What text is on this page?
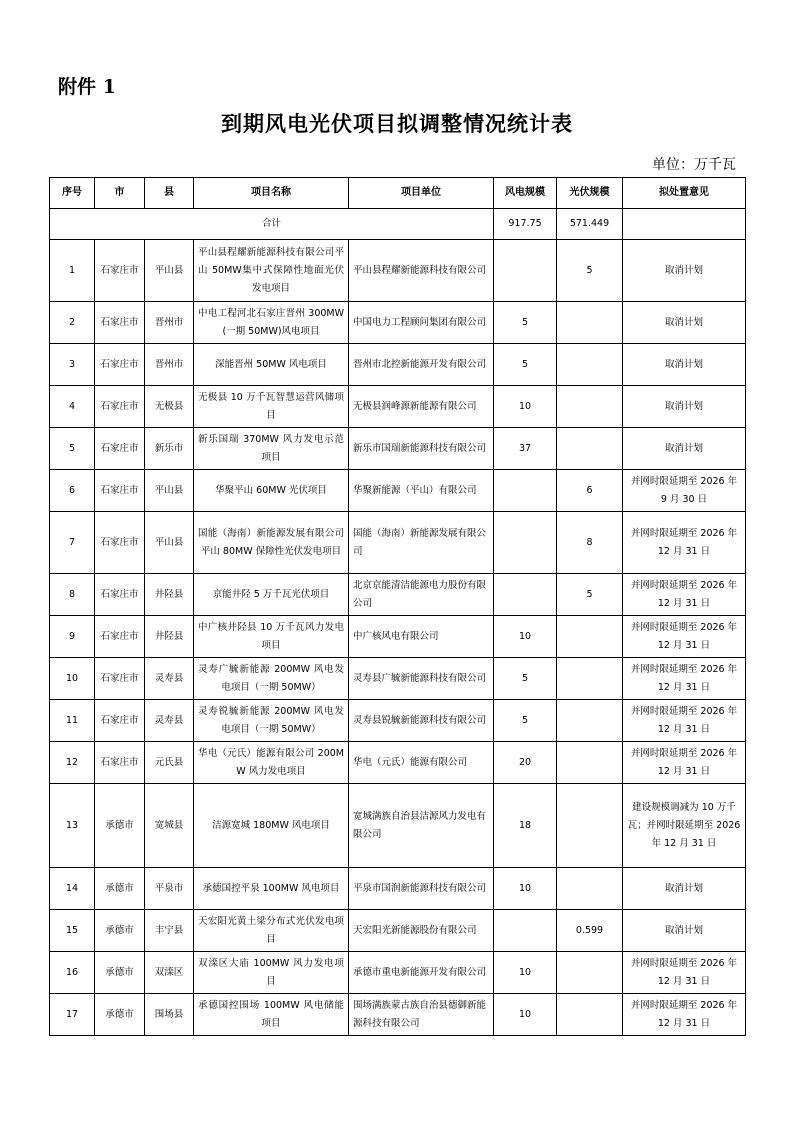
附件 1
到期风电光伏项目拟调整情况统计表
单位：万千瓦
序号	市	县	项目名称	项目单位	风电规模	光伏规模	拟处置意见
合计					917.75	571.449	
1	石家庄市	平山县	平山县程耀新能源科技有限公司平山 50MW集中式保障性地面光伏发电项目	平山县程耀新能源科技有限公司		5	取消计划
2	石家庄市	晋州市	中电工程河北石家庄晋州 300MW(一期 50MW)风电项目	中国电力工程顾问集团有限公司	5		取消计划
3	石家庄市	晋州市	深能晋州 50MW 风电项目	晋州市北控新能源开发有限公司	5		取消计划
4	石家庄市	无极县	无极县 10 万千瓦智慧运营风储项目	无极县润峰源新能源有限公司	10		取消计划
5	石家庄市	新乐市	新乐国瑞 370MW 风力发电示范项目	新乐市国瑞新能源科技有限公司	37		取消计划
6	石家庄市	平山县	华聚平山 60MW 光伏项目	华聚新能源（平山）有限公司		6	并网时限延期至 2026 年 9 月 30 日
7	石家庄市	平山县	国能（海南）新能源发展有限公司平山 80MW 保障性光伏发电项目	国能（海南）新能源发展有限公司		8	并网时限延期至 2026 年 12 月 31 日
8	石家庄市	井陉县	京能井陉 5 万千瓦光伏项目	北京京能清洁能源电力股份有限公司		5	并网时限延期至 2026 年 12 月 31 日
9	石家庄市	井陉县	中广核井陉县 10 万千瓦风力发电项目	中广核风电有限公司	10		并网时限延期至 2026 年 12 月 31 日
10	石家庄市	灵寿县	灵寿广毓新能源 200MW 风电发电项目（一期 50MW）	灵寿县广毓新能源科技有限公司	5		并网时限延期至 2026 年 12 月 31 日
11	石家庄市	灵寿县	灵寿锐毓新能源 200MW 风电发电项目（一期 50MW）	灵寿县锐毓新能源科技有限公司	5		并网时限延期至 2026 年 12 月 31 日
12	石家庄市	元氏县	华电（元氏）能源有限公司 200MW 风力发电项目	华电（元氏）能源有限公司	20		并网时限延期至 2026 年 12 月 31 日
13	承德市	宽城县	洁源宽城 180MW 风电项目	宽城满族自治县洁源风力发电有限公司	18		建设规模调减为 10 万千瓦；并网时限延期至 2026 年 12 月 31 日
14	承德市	平泉市	承德国控平泉 100MW 风电项目	平泉市国润新能源科技有限公司	10		取消计划
15	承德市	丰宁县	天宏阳光黄土梁分布式光伏发电项目	天宏阳光新能源股份有限公司		0.599	取消计划
16	承德市	双滦区	双滦区大庙 100MW 风力发电项目	承德市重电新能源开发有限公司	10		并网时限延期至 2026 年 12 月 31 日
17	承德市	围场县	承德国控围场 100MW 风电储能项目	围场满族蒙古族自治县德御新能源科技有限公司	10		并网时限延期至 2026 年 12 月 31 日
